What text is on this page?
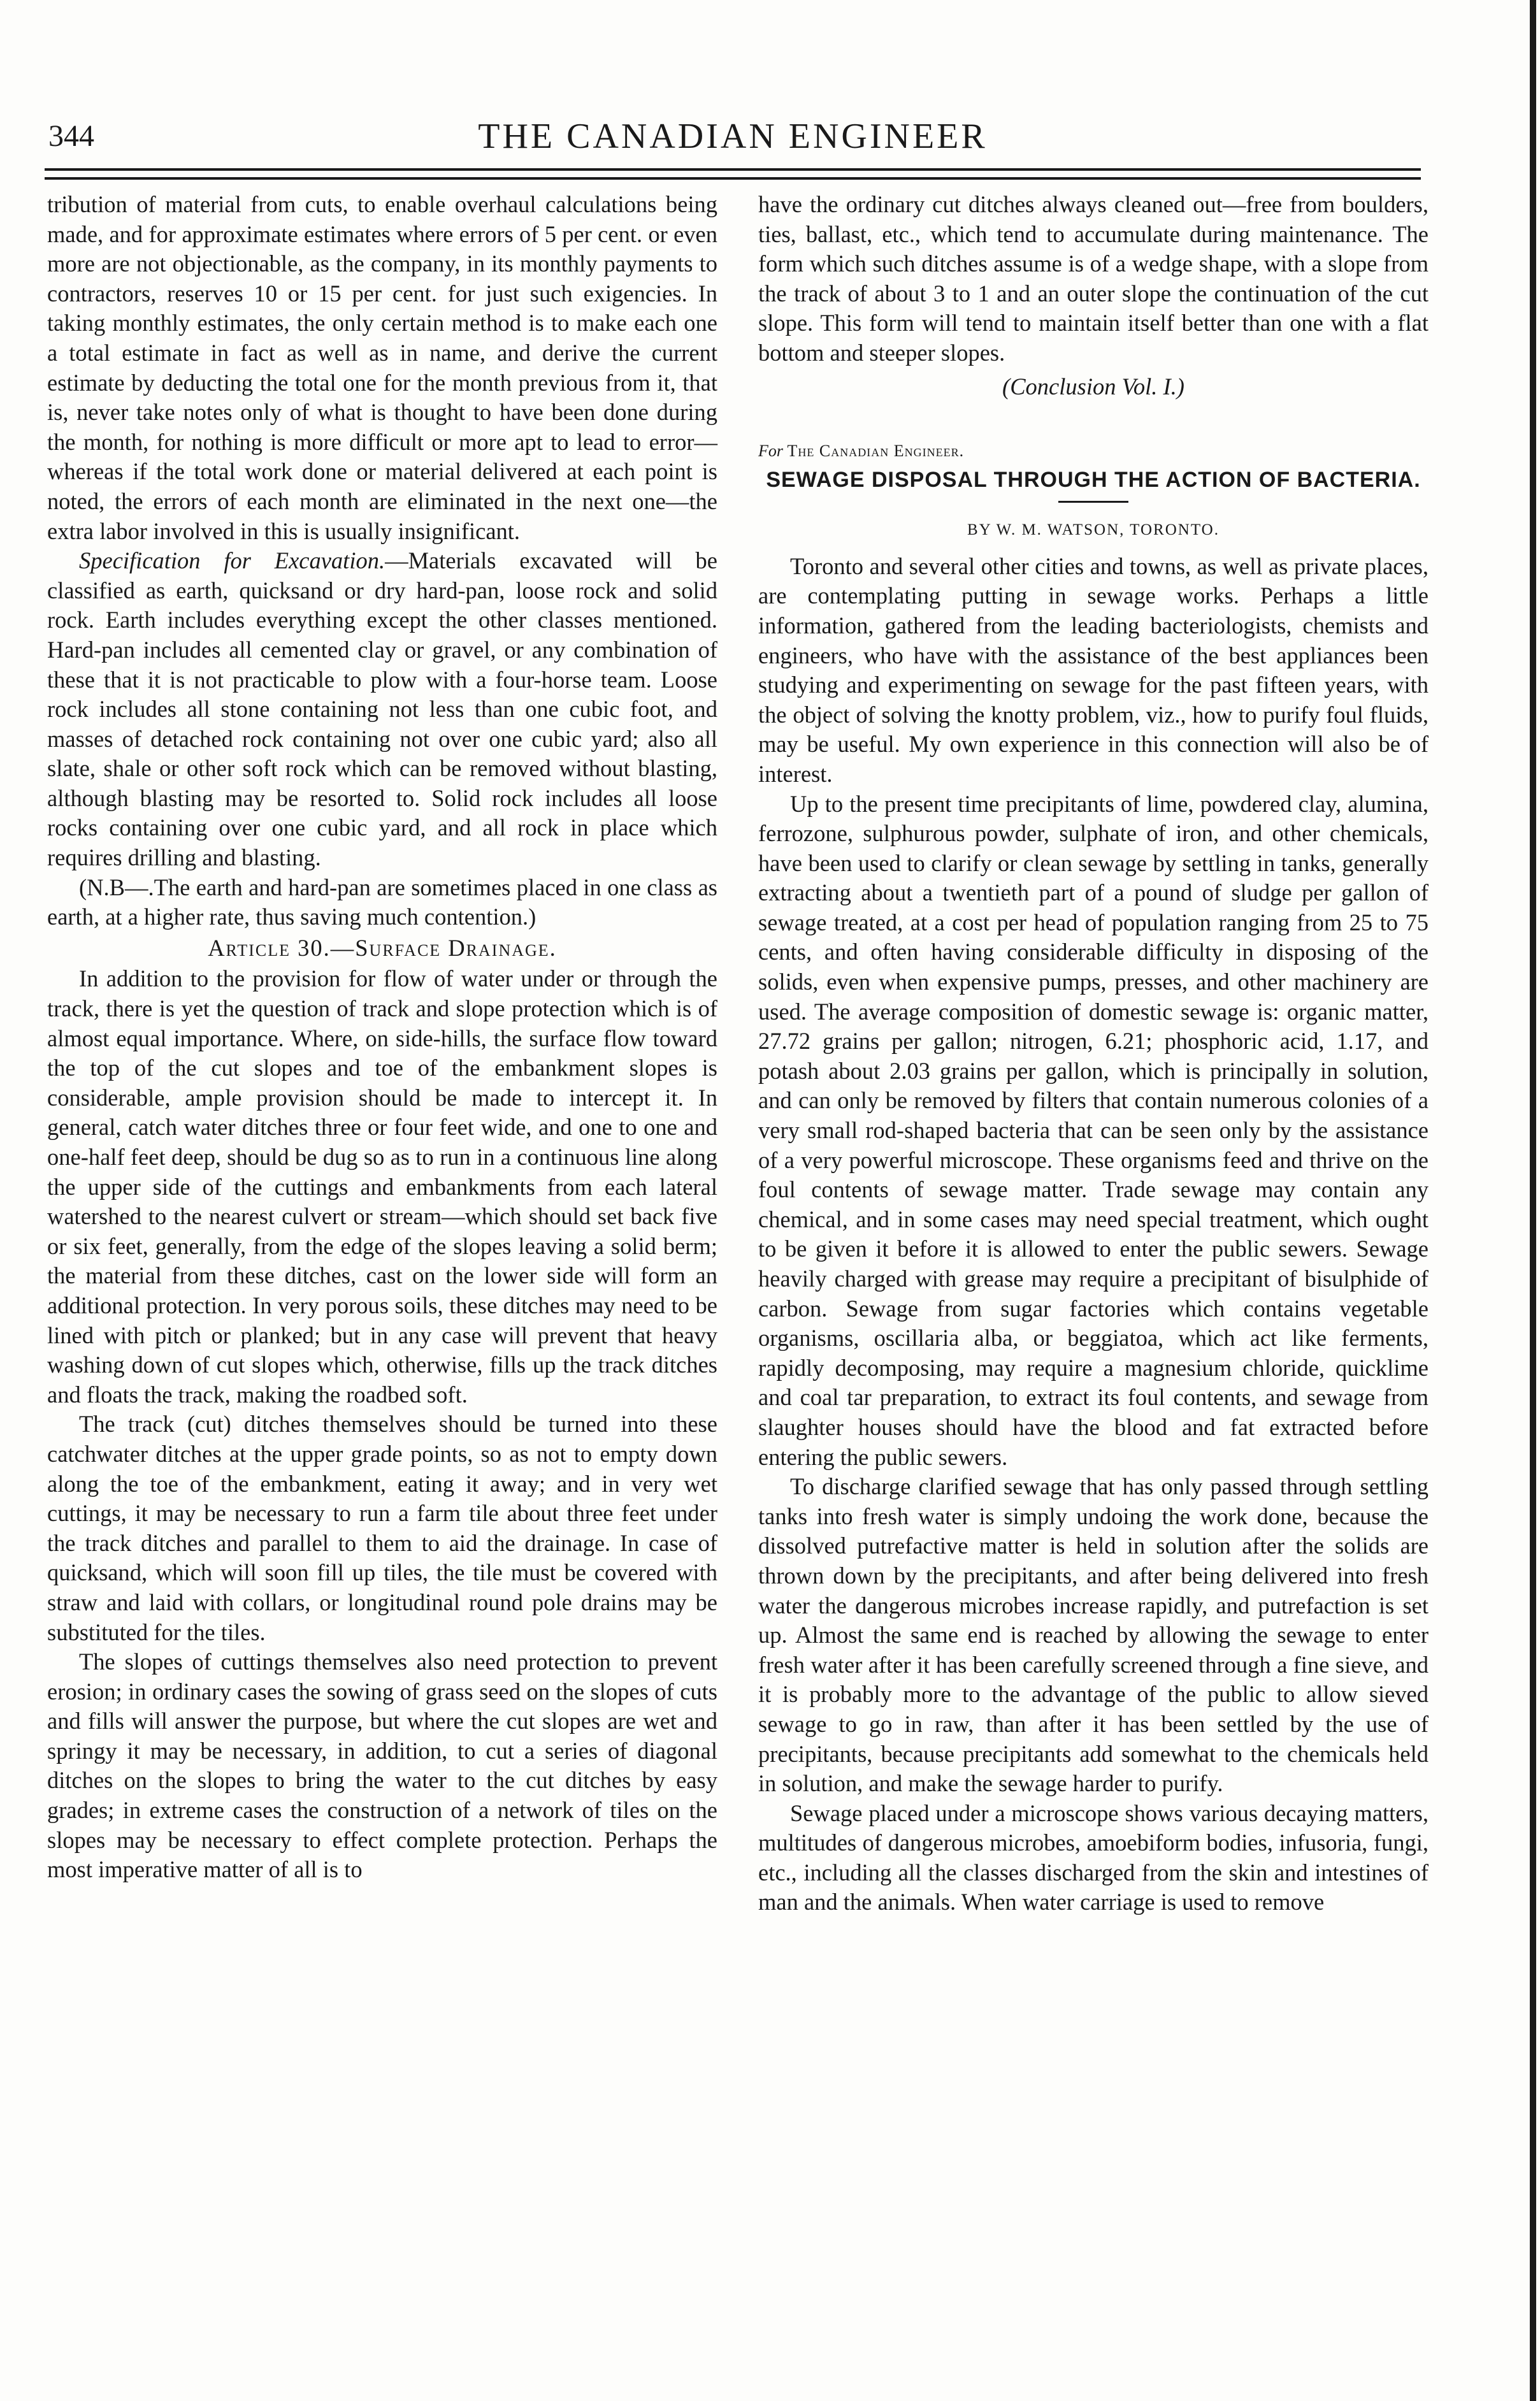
344	THE CANADIAN ENGINEER

tribution of material from cuts, to enable overhaul calculations being made, and for approximate estimates where errors of 5 per cent. or even more are not objectionable, as the company, in its monthly payments to contractors, reserves 10 or 15 per cent. for just such exigencies. In taking monthly estimates, the only certain method is to make each one a total estimate in fact as well as in name, and derive the current estimate by deducting the total one for the month previous from it, that is, never take notes only of what is thought to have been done during the month, for nothing is more difficult or more apt to lead to error—whereas if the total work done or material delivered at each point is noted, the errors of each month are eliminated in the next one—the extra labor involved in this is usually insignificant.

Specification for Excavation.—Materials excavated will be classified as earth, quicksand or dry hard-pan, loose rock and solid rock. Earth includes everything except the other classes mentioned. Hard-pan includes all cemented clay or gravel, or any combination of these that it is not practicable to plow with a four-horse team. Loose rock includes all stone containing not less than one cubic foot, and masses of detached rock containing not over one cubic yard; also all slate, shale or other soft rock which can be removed without blasting, although blasting may be resorted to. Solid rock includes all loose rocks containing over one cubic yard, and all rock in place which requires drilling and blasting.

(N.B—.The earth and hard-pan are sometimes placed in one class as earth, at a higher rate, thus saving much contention.)

Article 30.—Surface Drainage.

In addition to the provision for flow of water under or through the track, there is yet the question of track and slope protection which is of almost equal importance. Where, on side-hills, the surface flow toward the top of the cut slopes and toe of the embankment slopes is considerable, ample provision should be made to intercept it. In general, catch water ditches three or four feet wide, and one to one and one-half feet deep, should be dug so as to run in a continuous line along the upper side of the cuttings and embankments from each lateral watershed to the nearest culvert or stream—which should set back five or six feet, generally, from the edge of the slopes leaving a solid berm; the material from these ditches, cast on the lower side will form an additional protection. In very porous soils, these ditches may need to be lined with pitch or planked; but in any case will prevent that heavy washing down of cut slopes which, otherwise, fills up the track ditches and floats the track, making the roadbed soft.

The track (cut) ditches themselves should be turned into these catchwater ditches at the upper grade points, so as not to empty down along the toe of the embankment, eating it away; and in very wet cuttings, it may be necessary to run a farm tile about three feet under the track ditches and parallel to them to aid the drainage. In case of quicksand, which will soon fill up tiles, the tile must be covered with straw and laid with collars, or longitudinal round pole drains may be substituted for the tiles.

The slopes of cuttings themselves also need protection to prevent erosion; in ordinary cases the sowing of grass seed on the slopes of cuts and fills will answer the purpose, but where the cut slopes are wet and springy it may be necessary, in addition, to cut a series of diagonal ditches on the slopes to bring the water to the cut ditches by easy grades; in extreme cases the construction of a network of tiles on the slopes may be necessary to effect complete protection. Perhaps the most imperative matter of all is to

have the ordinary cut ditches always cleaned out—free from boulders, ties, ballast, etc., which tend to accumulate during maintenance. The form which such ditches assume is of a wedge shape, with a slope from the track of about 3 to 1 and an outer slope the continuation of the cut slope. This form will tend to maintain itself better than one with a flat bottom and steeper slopes.

(Conclusion Vol. I.)

For The Canadian Engineer.

SEWAGE DISPOSAL THROUGH THE ACTION OF BACTERIA.

BY W. M. WATSON, TORONTO.

Toronto and several other cities and towns, as well as private places, are contemplating putting in sewage works. Perhaps a little information, gathered from the leading bacteriologists, chemists and engineers, who have with the assistance of the best appliances been studying and experimenting on sewage for the past fifteen years, with the object of solving the knotty problem, viz., how to purify foul fluids, may be useful. My own experience in this connection will also be of interest.

Up to the present time precipitants of lime, powdered clay, alumina, ferrozone, sulphurous powder, sulphate of iron, and other chemicals, have been used to clarify or clean sewage by settling in tanks, generally extracting about a twentieth part of a pound of sludge per gallon of sewage treated, at a cost per head of population ranging from 25 to 75 cents, and often having considerable difficulty in disposing of the solids, even when expensive pumps, presses, and other machinery are used. The average composition of domestic sewage is: organic matter, 27.72 grains per gallon; nitrogen, 6.21; phosphoric acid, 1.17, and potash about 2.03 grains per gallon, which is principally in solution, and can only be removed by filters that contain numerous colonies of a very small rod-shaped bacteria that can be seen only by the assistance of a very powerful microscope. These organisms feed and thrive on the foul contents of sewage matter. Trade sewage may contain any chemical, and in some cases may need special treatment, which ought to be given it before it is allowed to enter the public sewers. Sewage heavily charged with grease may require a precipitant of bisulphide of carbon. Sewage from sugar factories which contains vegetable organisms, oscillaria alba, or beggiatoa, which act like ferments, rapidly decomposing, may require a magnesium chloride, quicklime and coal tar preparation, to extract its foul contents, and sewage from slaughter houses should have the blood and fat extracted before entering the public sewers.

To discharge clarified sewage that has only passed through settling tanks into fresh water is simply undoing the work done, because the dissolved putrefactive matter is held in solution after the solids are thrown down by the precipitants, and after being delivered into fresh water the dangerous microbes increase rapidly, and putrefaction is set up. Almost the same end is reached by allowing the sewage to enter fresh water after it has been carefully screened through a fine sieve, and it is probably more to the advantage of the public to allow sieved sewage to go in raw, than after it has been settled by the use of precipitants, because precipitants add somewhat to the chemicals held in solution, and make the sewage harder to purify.

Sewage placed under a microscope shows various decaying matters, multitudes of dangerous microbes, amoebiform bodies, infusoria, fungi, etc., including all the classes discharged from the skin and intestines of man and the animals. When water carriage is used to remove
